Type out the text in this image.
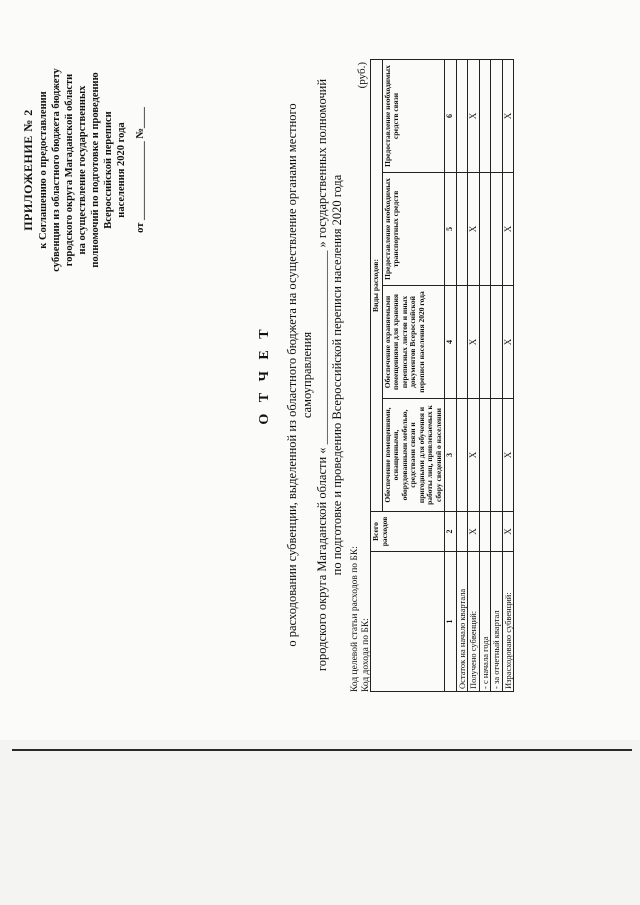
ПРИЛОЖЕНИЕ № 2 к Соглашению о предоставлении субвенции из областного бюджета бюджету городского округа Магаданской области на осуществление государственных полномочий по подготовке и проведению Всероссийской переписи населения 2020 года от _______________ №____
О Т Ч Е Т о расходовании субвенции, выделенной из областного бюджета на осуществление органами местного самоуправления городского округа Магаданской области « _______________________________ » государственных полномочий по подготовке и проведению Всероссийской переписи населения 2020 года
Код целевой статьи расходов по БК: Код дохода по БК:
(руб.)
	Всего расходов	Виды расходов:			
		Обеспечение помещениями, оснащенными, оборудованными мебелью, средствами связи и пригодными для обучения и работы лиц, привлекаемых к сбору сведений о населении	Обеспечение охраняемыми помещениями для хранения переписных листов и иных документов Всероссийской переписи населения 2020 года	Предоставление необходимых транспортных средств	Предоставление необходимых средств связи
1	2	3	4	5	6
Остаток на начало квартала					
Получено субвенций:	Х	Х	Х	Х	Х
- с начала года					
- за отчетный квартал					
Израсходовано субвенций:	Х	Х	Х	Х	Х
